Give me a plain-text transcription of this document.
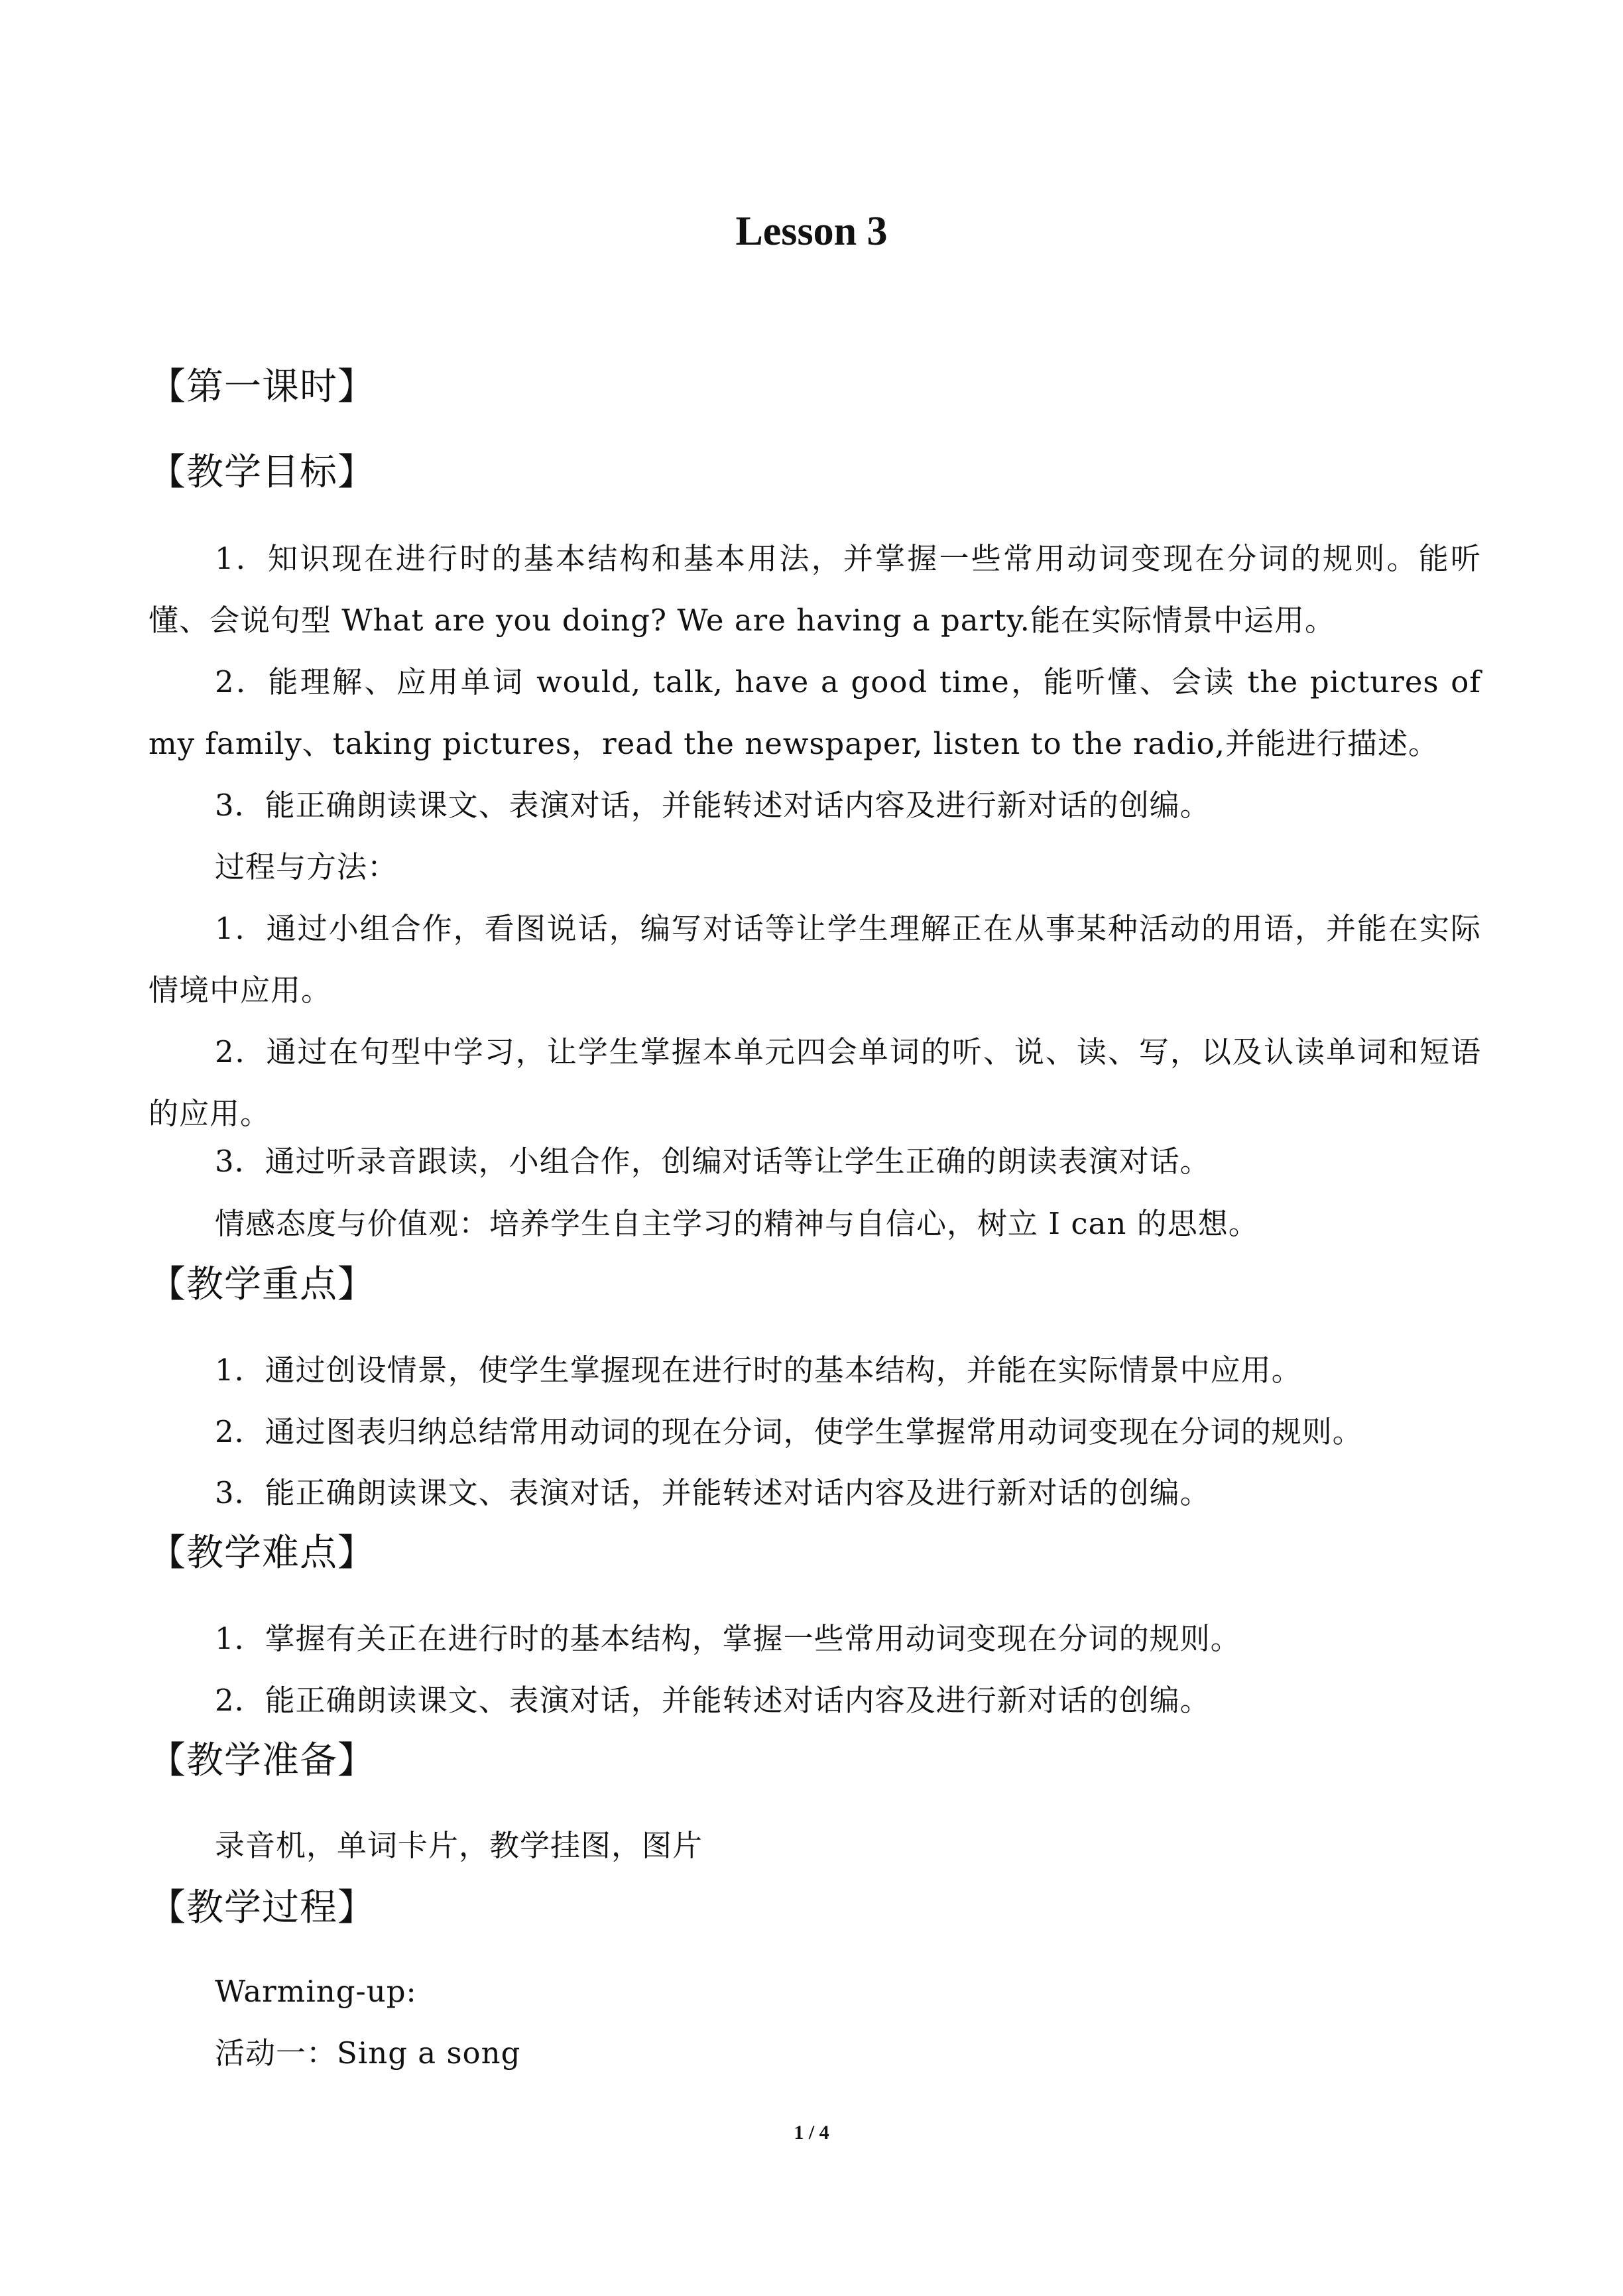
Lesson 3
【第一课时】
【教学目标】
1．知识现在进行时的基本结构和基本用法，并掌握一些常用动词变现在分词的规则。能听懂、会说句型 What are you doing? We are having a party.能在实际情景中运用。
2．能理解、应用单词 would, talk, have a good time，能听懂、会读 the pictures of my family、taking pictures，read the newspaper, listen to the radio,并能进行描述。
3．能正确朗读课文、表演对话，并能转述对话内容及进行新对话的创编。
过程与方法：
1．通过小组合作，看图说话，编写对话等让学生理解正在从事某种活动的用语，并能在实际情境中应用。
2．通过在句型中学习，让学生掌握本单元四会单词的听、说、读、写，以及认读单词和短语的应用。
3．通过听录音跟读，小组合作，创编对话等让学生正确的朗读表演对话。
情感态度与价值观：培养学生自主学习的精神与自信心，树立 I can 的思想。
【教学重点】
1．通过创设情景，使学生掌握现在进行时的基本结构，并能在实际情景中应用。
2．通过图表归纳总结常用动词的现在分词，使学生掌握常用动词变现在分词的规则。
3．能正确朗读课文、表演对话，并能转述对话内容及进行新对话的创编。
【教学难点】
1．掌握有关正在进行时的基本结构，掌握一些常用动词变现在分词的规则。
2．能正确朗读课文、表演对话，并能转述对话内容及进行新对话的创编。
【教学准备】
录音机，单词卡片，教学挂图，图片
【教学过程】
Warming-up:
活动一：Sing a song
1 / 4
